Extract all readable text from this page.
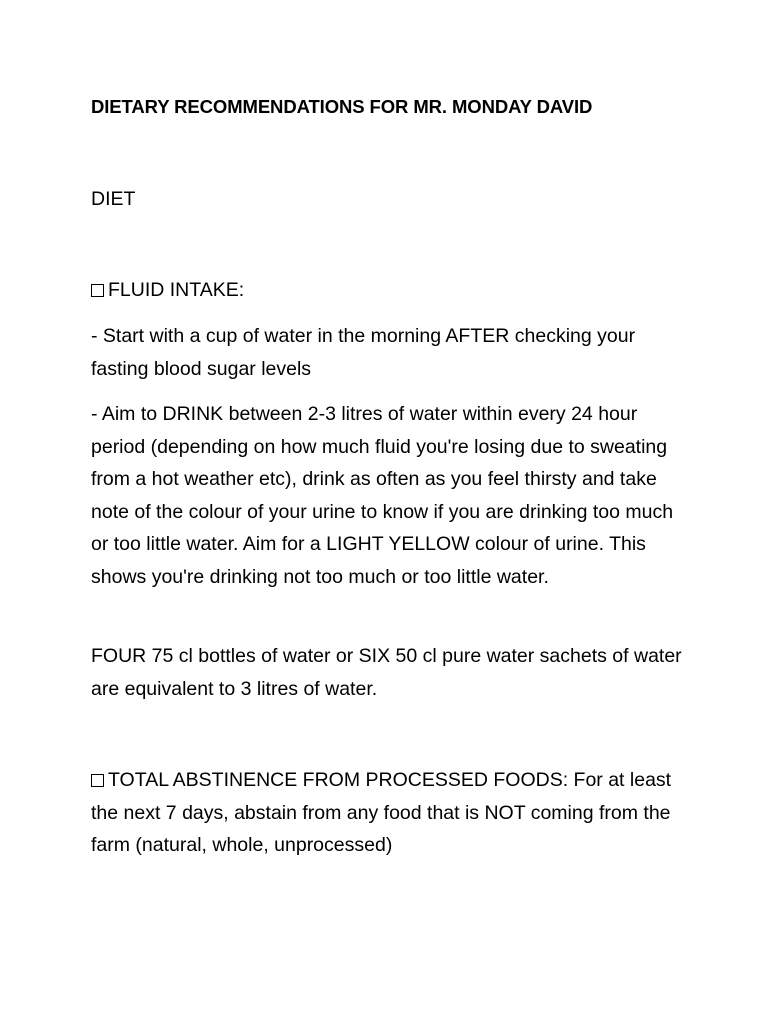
DIETARY RECOMMENDATIONS FOR MR. MONDAY DAVID

DIET

FLUID INTAKE:

- Start with a cup of water in the morning AFTER checking your fasting blood sugar levels

- Aim to DRINK between 2-3 litres of water within every 24 hour period (depending on how much fluid you're losing due to sweating from a hot weather etc), drink as often as you feel thirsty and take note of the colour of your urine to know if you are drinking too much or too little water. Aim for a LIGHT YELLOW colour of urine. This shows you're drinking not too much or too little water.

FOUR 75 cl bottles of water or SIX 50 cl pure water sachets of water are equivalent to 3 litres of water.

TOTAL ABSTINENCE FROM PROCESSED FOODS: For at least the next 7 days, abstain from any food that is NOT coming from the farm (natural, whole, unprocessed)
